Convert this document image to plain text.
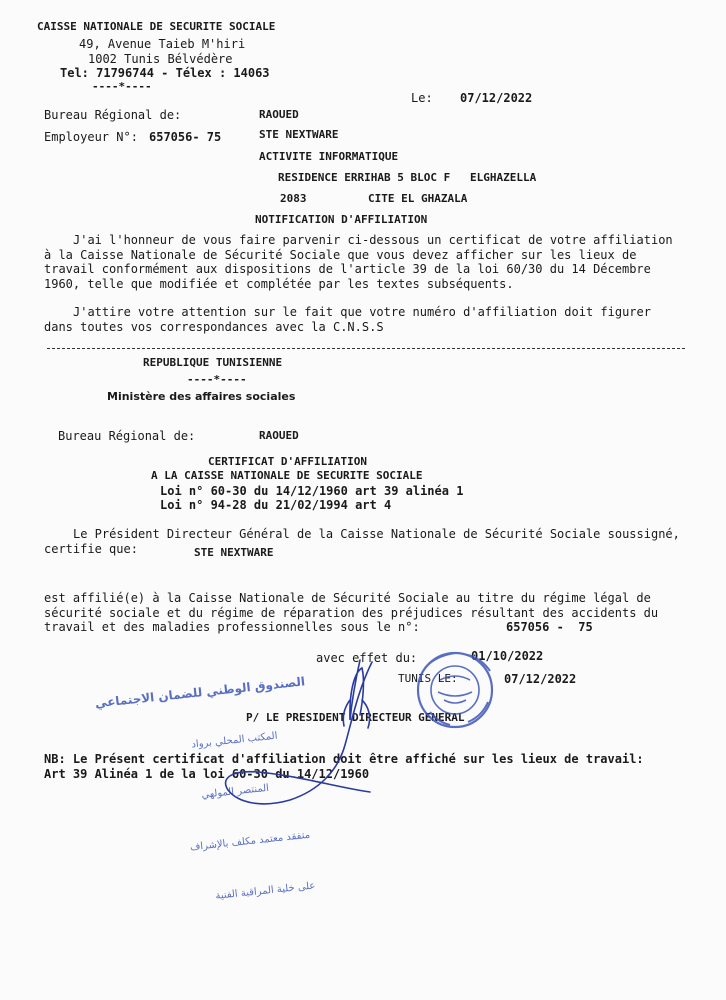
CAISSE NATIONALE DE SECURITE SOCIALE
49, Avenue Taieb M'hiri
1002 Tunis Bélvédère
Tel: 71796744 - Télex : 14063
----*----
Le: 07/12/2022
Bureau Régional de:	RAOUED
Employeur N°: 657056- 75	STE NEXTWARE
ACTIVITE INFORMATIQUE
RESIDENCE ERRIHAB 5 BLOC F   ELGHAZELLA
2083	CITE EL GHAZALA
NOTIFICATION D'AFFILIATION
J'ai l'honneur de vous faire parvenir ci-dessous un certificat de votre affiliation à la Caisse Nationale de Sécurité Sociale que vous devez afficher sur les lieux de travail conformément aux dispositions de l'article 39 de la loi 60/30 du 14 Décembre 1960, telle que modifiée et complétée par les textes subséquents.
J'attire votre attention sur le fait que votre numéro d'affiliation doit figurer dans toutes vos correspondances avec la C.N.S.S
REPUBLIQUE TUNISIENNE
----*----
Ministère des affaires sociales
Bureau Régional de:	RAOUED
CERTIFICAT D'AFFILIATION
A LA CAISSE NATIONALE DE SECURITE SOCIALE
Loi n° 60-30 du 14/12/1960 art 39 alinéa 1
Loi n° 94-28 du 21/02/1994 art 4
Le Président Directeur Général de la Caisse Nationale de Sécurité Sociale soussigné,
certifie que:	STE NEXTWARE
est affilié(e) à la Caisse Nationale de Sécurité Sociale au titre du régime légal de sécurité sociale et du régime de réparation des préjudices résultant des accidents du travail et des maladies professionnelles sous le n°:	657056 -  75
avec effet du:	01/10/2022
TUNIS LE:	07/12/2022
P/ LE PRESIDENT DIRECTEUR GENERAL
NB: Le Présent certificat d'affiliation doit être affiché sur les lieux de travail:
Art 39 Alinéa 1 de la loi 60-30 du 14/12/1960

الصندوق الوطني للضمان الاجتماعي

المكتب المحلي برواد

المنتصر المولهي

متفقد معتمد مكلف بالإشراف

على خلية المراقبة الفنية
